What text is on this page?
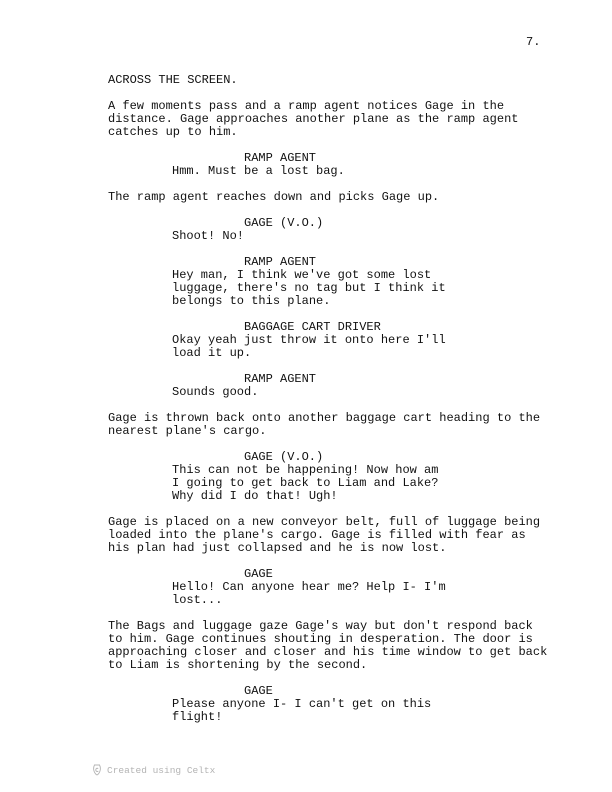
7.
ACROSS THE SCREEN.
A few moments pass and a ramp agent notices Gage in the
distance. Gage approaches another plane as the ramp agent
catches up to him.
RAMP AGENT
Hmm. Must be a lost bag.
The ramp agent reaches down and picks Gage up.
GAGE (V.O.)
Shoot! No!
RAMP AGENT
Hey man, I think we've got some lost
luggage, there's no tag but I think it
belongs to this plane.
BAGGAGE CART DRIVER
Okay yeah just throw it onto here I'll
load it up.
RAMP AGENT
Sounds good.
Gage is thrown back onto another baggage cart heading to the
nearest plane's cargo.
GAGE (V.O.)
This can not be happening! Now how am
I going to get back to Liam and Lake?
Why did I do that! Ugh!
Gage is placed on a new conveyor belt, full of luggage being
loaded into the plane's cargo. Gage is filled with fear as
his plan had just collapsed and he is now lost.
GAGE
Hello! Can anyone hear me? Help I- I'm
lost...
The Bags and luggage gaze Gage's way but don't respond back
to him. Gage continues shouting in desperation. The door is
approaching closer and closer and his time window to get back
to Liam is shortening by the second.
GAGE
Please anyone I- I can't get on this
flight!
Created using Celtx
